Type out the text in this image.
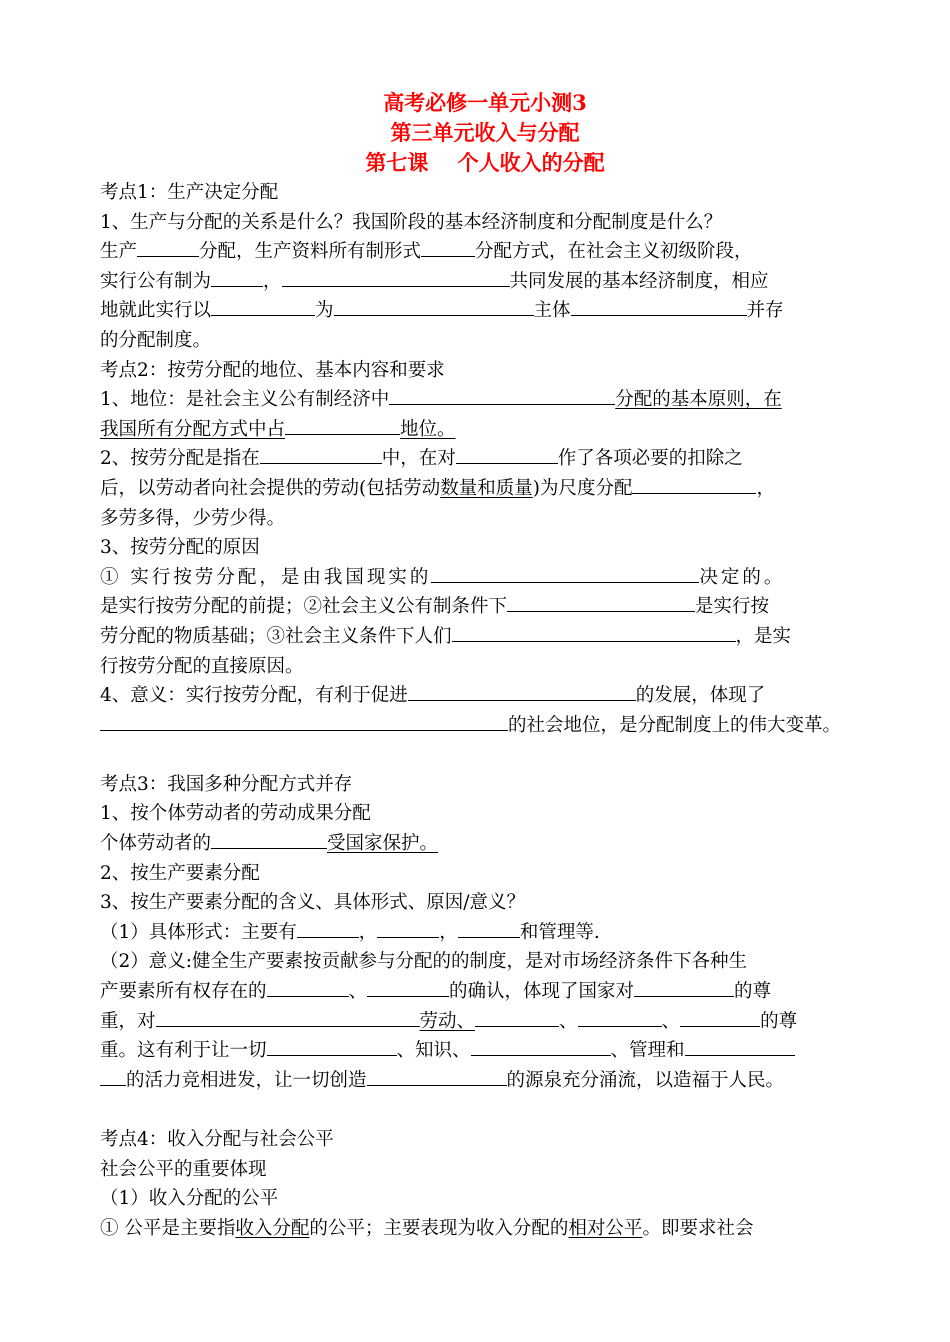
高考必修一单元小测3
第三单元收入与分配
第七课    个人收入的分配
考点1：生产决定分配
1、生产与分配的关系是什么？我国阶段的基本经济制度和分配制度是什么？
生产	分配，生产资料所有制形式	分配方式，在社会主义初级阶段，
实行公有制为	，	共同发展的基本经济制度，相应
地就此实行以	为	主体	并存
的分配制度。
考点2：按劳分配的地位、基本内容和要求
1、地位：是社会主义公有制经济中	分配的基本原则，在
我国所有分配方式中占	地位。
2、按劳分配是指在	中，在对	作了各项必要的扣除之
后，以劳动者向社会提供的劳动(包括劳动数量和质量)为尺度分配	，
多劳多得，少劳少得。
3、按劳分配的原因
① 实行按劳分配，是由我国现实的	决定的。
是实行按劳分配的前提；②社会主义公有制条件下	是实行按
劳分配的物质基础；③社会主义条件下人们	，是实
行按劳分配的直接原因。
4、意义：实行按劳分配，有利于促进	的发展，体现了
的社会地位，是分配制度上的伟大变革。
考点3：我国多种分配方式并存
1、按个体劳动者的劳动成果分配
个体劳动者的	受国家保护。
2、按生产要素分配
3、按生产要素分配的含义、具体形式、原因/意义？
（1）具体形式：主要有	，	，	和管理等.
（2）意义:健全生产要素按贡献参与分配的的制度，是对市场经济条件下各种生
产要素所有权存在的	、	的确认，体现了国家对	的尊
重，对	劳动、	、	、	的尊
重。这有利于让一切	、知识、	、管理和
的活力竞相进发，让一切创造	的源泉充分涌流，以造福于人民。
考点4：收入分配与社会公平
社会公平的重要体现
（1）收入分配的公平
① 公平是主要指收入分配的公平；主要表现为收入分配的相对公平。即要求社会
